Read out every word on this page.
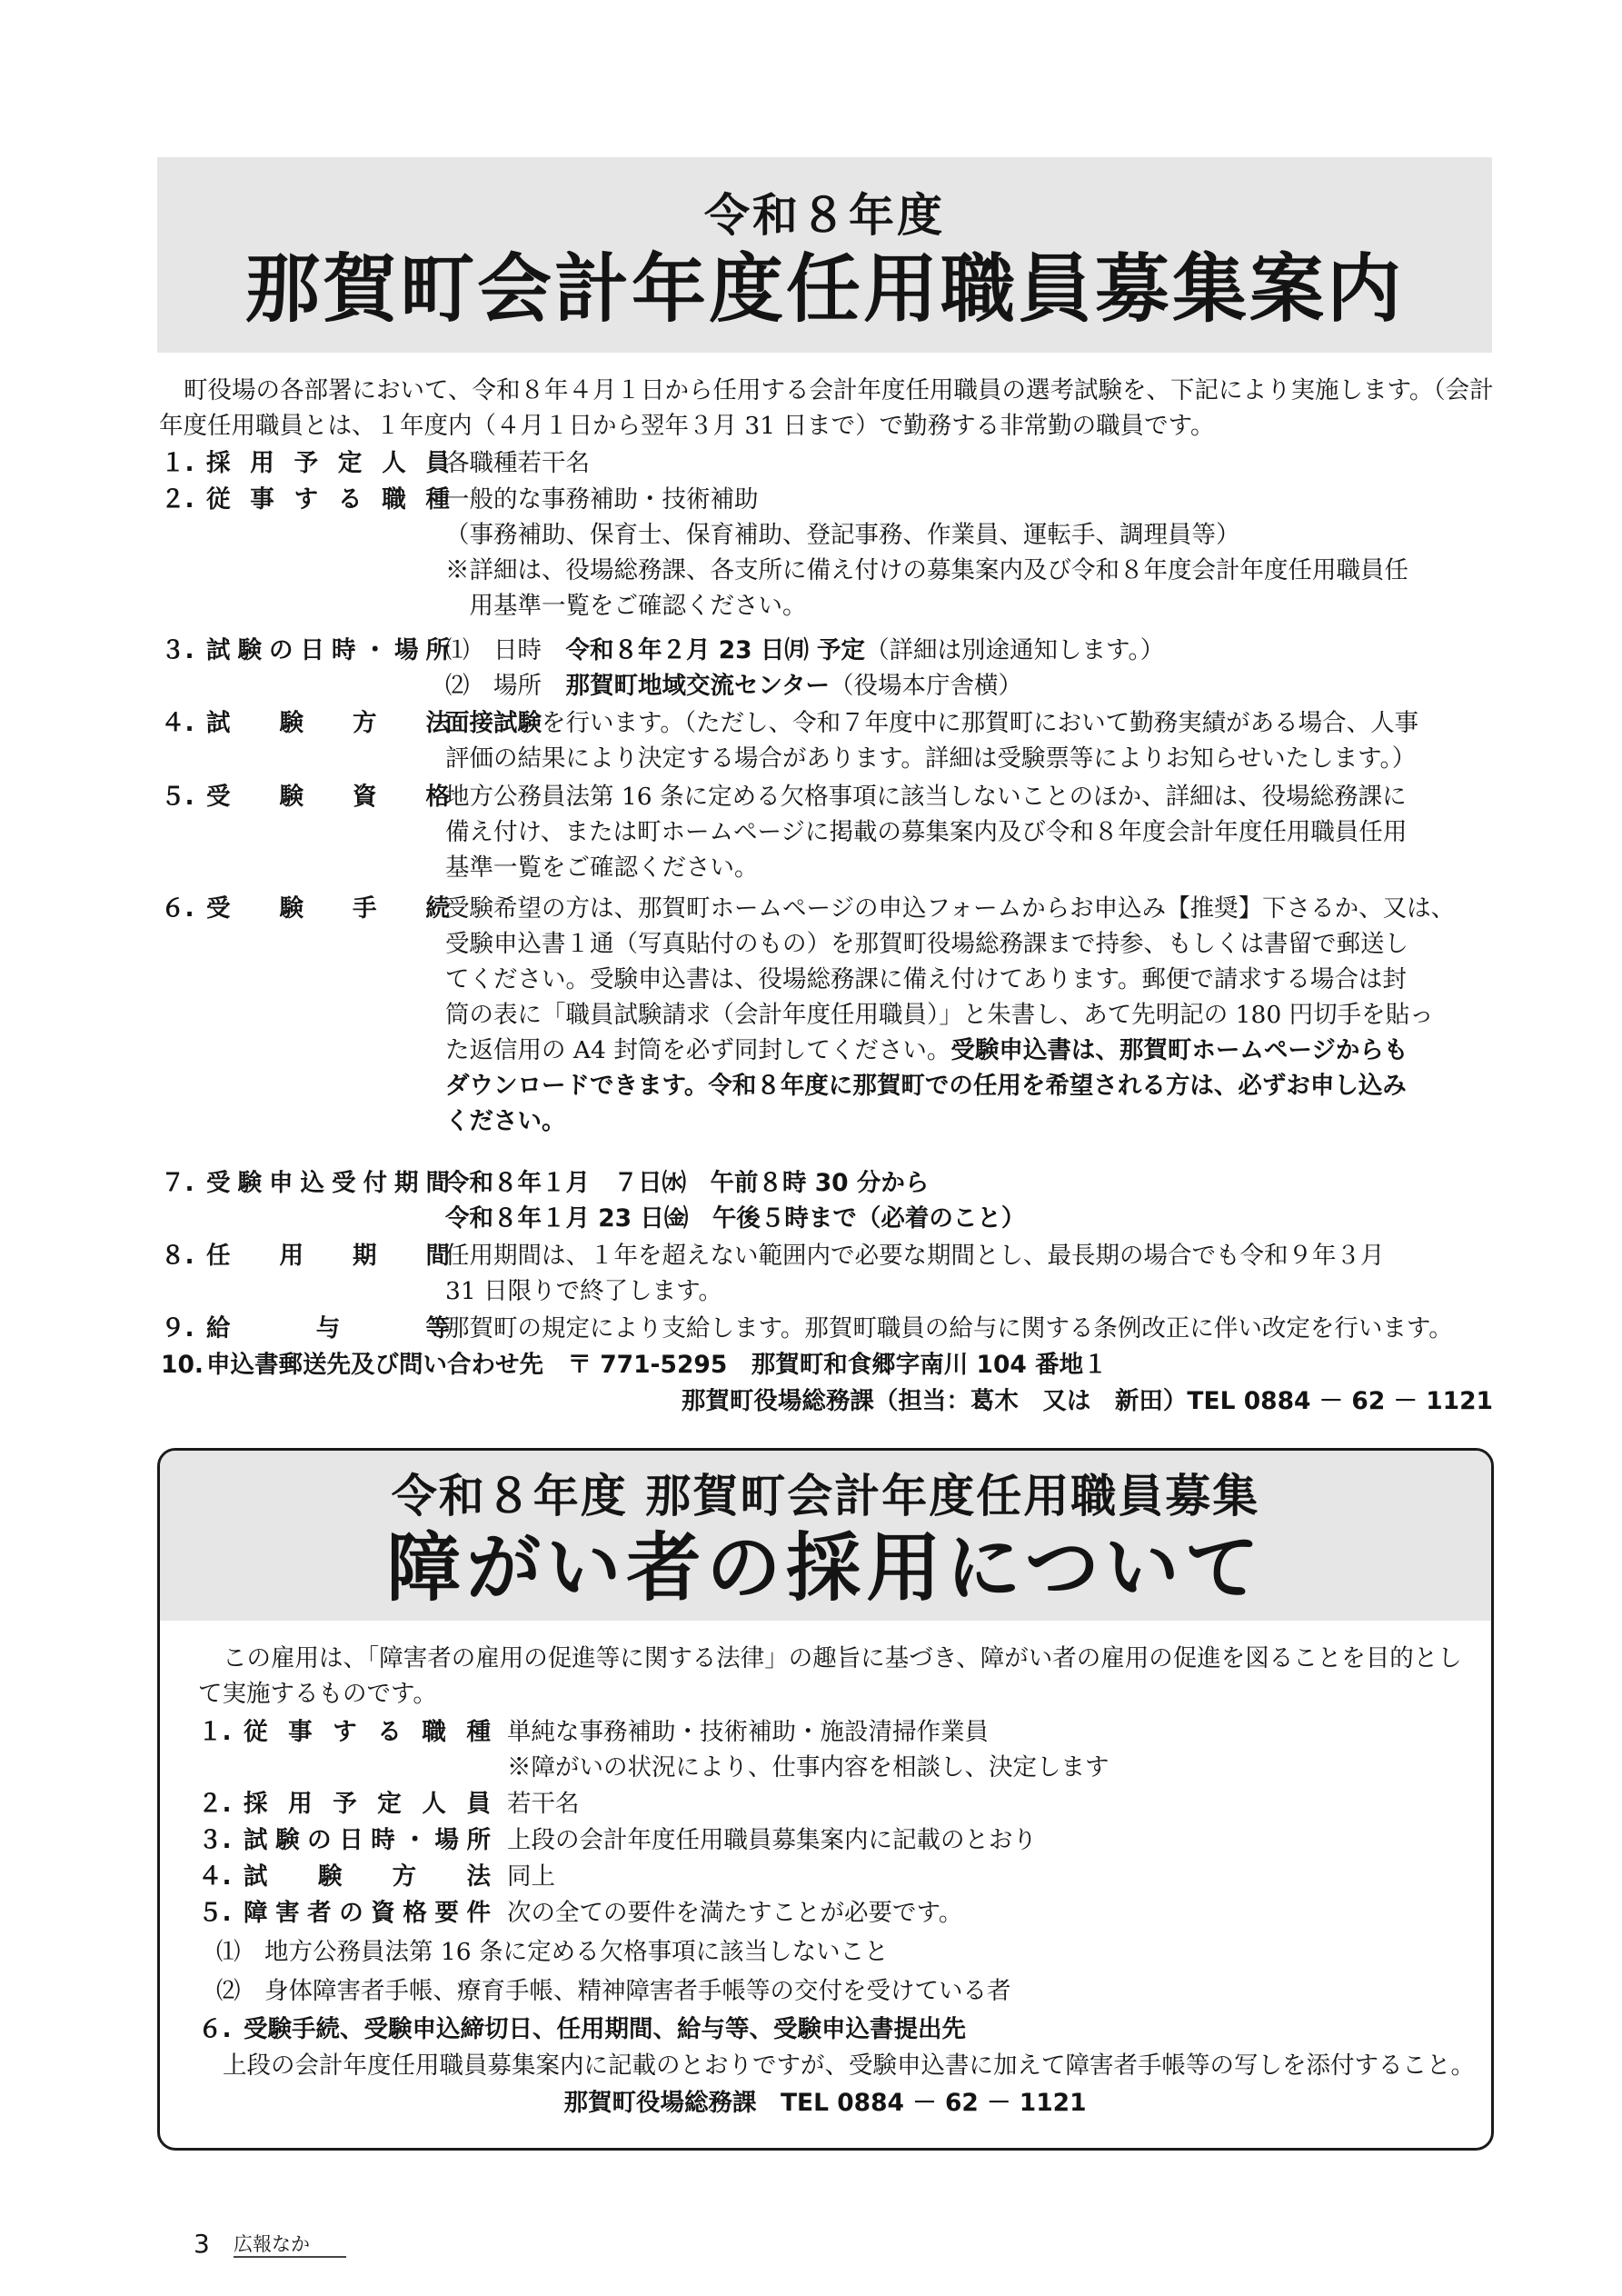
令和８年度
那賀町会計年度任用職員募集案内
町役場の各部署において、令和８年４月１日から任用する会計年度任用職員の選考試験を、下記により実施します。（会計年度任用職員とは、１年度内（４月１日から翌年３月 31 日まで）で勤務する非常勤の職員です。
１. 採用予定人員
各職種若干名
２. 従事する職種
一般的な事務補助・技術補助
（事務補助、保育士、保育補助、登記事務、作業員、運転手、調理員等）
※詳細は、役場総務課、各支所に備え付けの募集案内及び令和８年度会計年度任用職員任
　用基準一覧をご確認ください。
３. 試験の日時・場所
⑴　日時　 令和８年２月 23 日㈪ 予定（詳細は別途通知します。）
⑵　場所　 那賀町地域交流センター（役場本庁舎横）
４. 試験方法
面接試験を行います。（ただし、令和７年度中に那賀町において勤務実績がある場合、人事
評価の結果により決定する場合があります。詳細は受験票等によりお知らせいたします。）
５. 受験資格
地方公務員法第 16 条に定める欠格事項に該当しないことのほか、詳細は、役場総務課に
備え付け、または町ホームページに掲載の募集案内及び令和８年度会計年度任用職員任用
基準一覧をご確認ください。
６. 受験手続
受験希望の方は、那賀町ホームページの申込フォームからお申込み【推奨】下さるか、又は、
受験申込書１通（写真貼付のもの）を那賀町役場総務課まで持参、もしくは書留で郵送し
てください。受験申込書は、役場総務課に備え付けてあります。郵便で請求する場合は封
筒の表に「職員試験請求（会計年度任用職員）」と朱書し、あて先明記の 180 円切手を貼っ
た返信用の A4 封筒を必ず同封してください。受験申込書は、那賀町ホームページからも
ダウンロードできます。令和８年度に那賀町での任用を希望される方は、必ずお申し込み
ください。
７. 受験申込受付期間
令和８年１月　７日㈬　午前８時 30 分から
令和８年１月 23 日㈮　午後５時まで（必着のこと）
８. 任用期間
任用期間は、１年を超えない範囲内で必要な期間とし、最長期の場合でも令和９年３月
31 日限りで終了します。
９. 給与等
那賀町の規定により支給します。那賀町職員の給与に関する条例改正に伴い改定を行います。
10. 申込書郵送先及び問い合わせ先　 〒 771-5295　那賀町和食郷字南川 104 番地１
那賀町役場総務課（担当：葛木　又は　新田）TEL 0884 － 62 － 1121
令和８年度 那賀町会計年度任用職員募集
障がい者の採用について
この雇用は、「障害者の雇用の促進等に関する法律」の趣旨に基づき、障がい者の雇用の促進を図ることを目的として実施するものです。
１. 従事する職種 単純な事務補助・技術補助・施設清掃作業員
※障がいの状況により、仕事内容を相談し、決定します
２. 採用予定人員 若干名
３. 試験の日時・場所 上段の会計年度任用職員募集案内に記載のとおり
４. 試験方法 同上
５. 障害者の資格要件 次の全ての要件を満たすことが必要です。
⑴　地方公務員法第 16 条に定める欠格事項に該当しないこと
⑵　身体障害者手帳、療育手帳、精神障害者手帳等の交付を受けている者
６. 受験手続、受験申込締切日、任用期間、給与等、受験申込書提出先
上段の会計年度任用職員募集案内に記載のとおりですが、受験申込書に加えて障害者手帳等の写しを添付すること。
那賀町役場総務課　TEL 0884 － 62 － 1121
3 広報なか
